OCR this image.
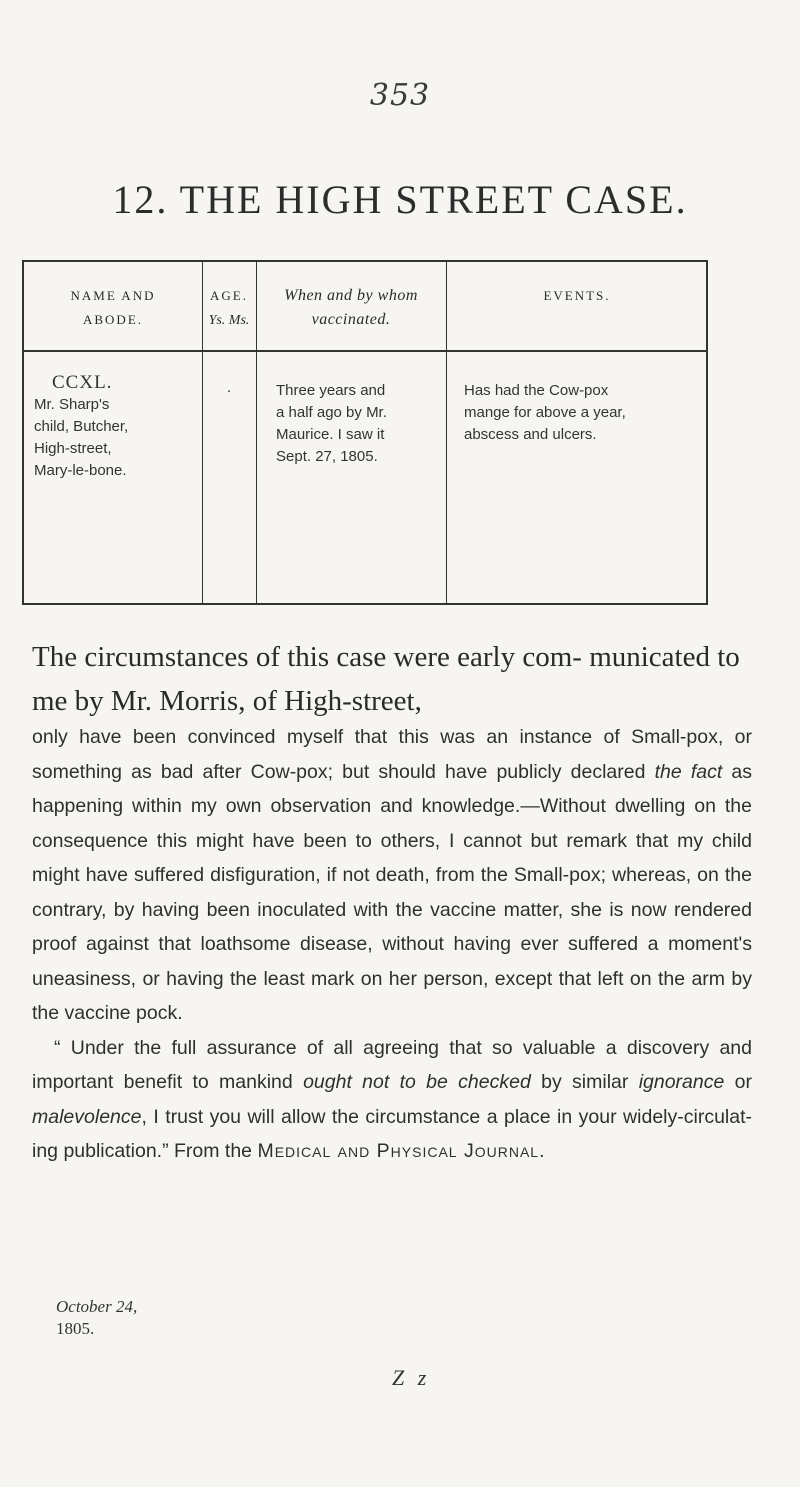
353
12. THE HIGH STREET CASE.
NAME AND
ABODE.
AGE.
Ys. Ms.
When and by whom
vaccinated.
EVENTS.
CCXL.
Mr. Sharp's
child, Butcher,
High-street,
Mary-le-bone.
·	Three years and
a half ago by Mr.
Maurice. I saw it
Sept. 27, 1805.
Has had the Cow-pox
mange for above a year,
abscess and ulcers.
The circumstances of this case were early com- municated to me by Mr. Morris, of High-street,

only have been convinced myself that this was an instance of Small-pox, or something as bad after Cow-pox; but should have publicly declared the fact as happening within my own observation and knowledge.—Without dwelling on the consequence this might have been to others, I cannot but remark that my child might have suffered disfiguration, if not death, from the Small-pox; whereas, on the contrary, by having been inoculated with the vaccine matter, she is now rendered proof against that loathsome disease, without having ever suffered a moment's uneasiness, or having the least mark on her person, except that left on the arm by the vaccine pock.

“ Under the full assurance of all agreeing that so valuable a discovery and important benefit to mankind ought not to be checked by similar ignorance or malevolence, I trust you will allow the circumstance a place in your widely-circulat- ing publication.” From the Medical and Physical Journal.

October 24,
1805.
Z z
